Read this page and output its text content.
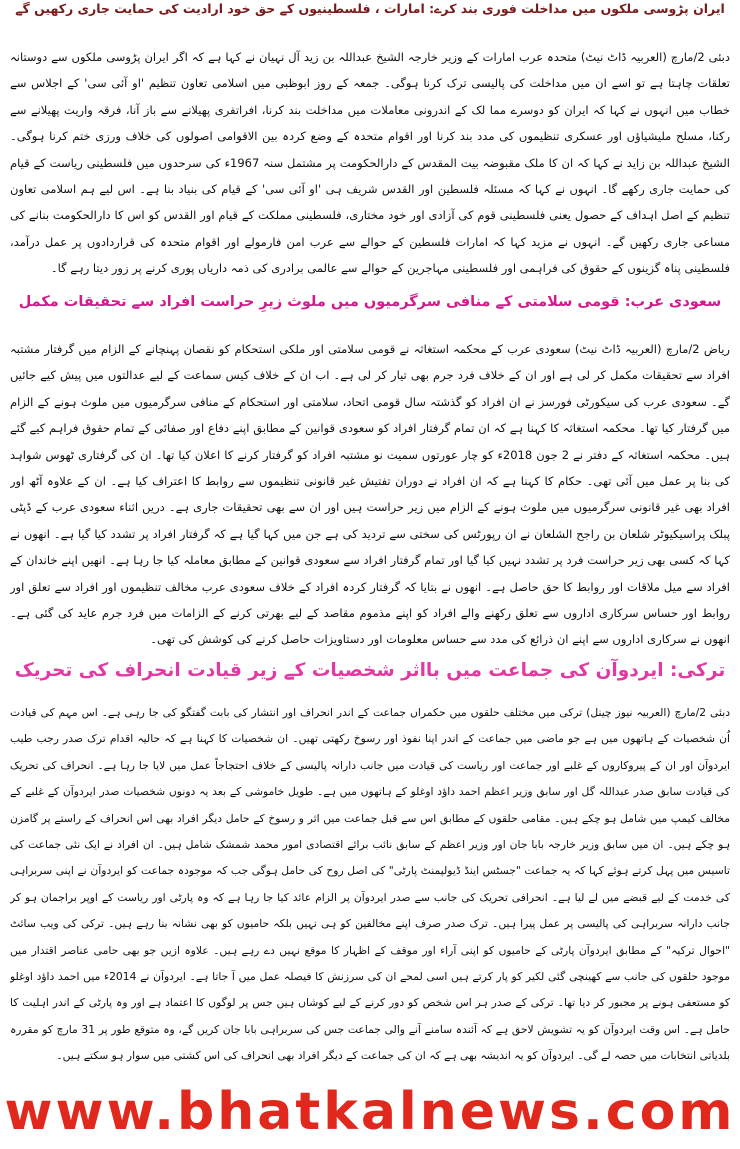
ایران پڑوسی ملکوں میں مداخلت فوری بند کرے: امارات ، فلسطینیوں کے حق خود ارادیت کی حمایت جاری رکھیں گے
دبئی 2/مارچ (العربیہ ڈاٹ نیٹ) متحدہ عرب امارات کے وزیر خارجہ الشیخ عبداللہ بن زید آل نہیان نے کہا ہے کہ اگر ایران پڑوسی ملکوں سے دوستانہ تعلقات چاہتا ہے تو اسے ان میں مداخلت کی پالیسی ترک کرنا ہوگی۔ جمعہ کے روز ابوظبی میں اسلامی تعاون تنظیم 'او آئی سی' کے اجلاس سے خطاب میں انہوں نے کہا کہ ایران کو دوسرے مما لک کے اندرونی معاملات میں مداخلت بند کرنا، افراتفری پھیلانے سے باز آنا، فرقہ واریت پھیلانے سے رکنا، مسلح ملیشیاؤں اور عسکری تنظیموں کی مدد بند کرنا اور اقوام متحدہ کے وضع کردہ بین الاقوامی اصولوں کی خلاف ورزی ختم کرنا ہوگی۔ الشیخ عبداللہ بن زاید نے کہا کہ ان کا ملک مقبوضہ بیت المقدس کے دارالحکومت پر مشتمل سنہ 1967ء کی سرحدوں میں فلسطینی ریاست کے قیام کی حمایت جاری رکھے گا۔ انہوں نے کہا کہ مسئلہ فلسطین اور القدس شریف ہی 'او آئی سی' کے قیام کی بنیاد بنا ہے۔ اس لیے ہم اسلامی تعاون تنظیم کے اصل اہداف کے حصول یعنی فلسطینی قوم کی آزادی اور خود مختاری، فلسطینی مملکت کے قیام اور القدس کو اس کا دارالحکومت بنانے کی مساعی جاری رکھیں گے۔ انہوں نے مزید کہا کہ امارات فلسطین کے حوالے سے عرب امن فارمولے اور اقوام متحدہ کی قراردادوں پر عمل درآمد، فلسطینی پناہ گزینوں کے حقوق کی فراہمی اور فلسطینی مہاجرین کے حوالے سے عالمی برادری کی ذمہ داریاں پوری کرنے پر زور دیتا رہے گا۔
سعودی عرب: قومی سلامتی کے منافی سرگرمیوں میں ملوث زیرِ حراست افراد سے تحقیقات مکمل
ریاض 2/مارچ (العربیہ ڈاٹ نیٹ) سعودی عرب کے محکمہ استغاثہ نے قومی سلامتی اور ملکی استحکام کو نقصان پہنچانے کے الزام میں گرفتار مشتبہ افراد سے تحقیقات مکمل کر لی ہے اور ان کے خلاف فرد جرم بھی تیار کر لی ہے۔ اب ان کے خلاف کیس سماعت کے لیے عدالتوں میں پیش کیے جائیں گے۔ سعودی عرب کی سیکورٹی فورسز نے ان افراد کو گذشتہ سال قومی اتحاد، سلامتی اور استحکام کے منافی سرگرمیوں میں ملوث ہونے کے الزام میں گرفتار کیا تھا۔ محکمہ استغاثہ کا کہنا ہے کہ ان تمام گرفتار افراد کو سعودی قوانین کے مطابق اپنے دفاع اور صفائی کے تمام حقوق فراہم کیے گئے ہیں۔ محکمہ استغاثہ کے دفتر نے 2 جون 2018ء کو چار عورتوں سمیت نو مشتبہ افراد کو گرفتار کرنے کا اعلان کیا تھا۔ ان کی گرفتاری ٹھوس شواہد کی بنا پر عمل میں آئی تھی۔ حکام کا کہنا ہے کہ ان افراد نے دوران تفتیش غیر قانونی تنظیموں سے روابط کا اعتراف کیا ہے۔ ان کے علاوہ آٹھ اور افراد بھی غیر قانونی سرگرمیوں میں ملوث ہونے کے الزام میں زیر حراست ہیں اور ان سے بھی تحقیقات جاری ہے۔ دریں اثناء سعودی عرب کے ڈپٹی پبلک پراسیکیوٹر شلعان بن راجح الشلعان نے ان رپورٹس کی سختی سے تردید کی ہے جن میں کہا گیا ہے کہ گرفتار افراد پر تشدد کیا گیا ہے۔ انھوں نے کہا کہ کسی بھی زیر حراست فرد پر تشدد نہیں کیا گیا اور تمام گرفتار افراد سے سعودی قوانین کے مطابق معاملہ کیا جا رہا ہے۔ انھیں اپنے خاندان کے افراد سے میل ملاقات اور روابط کا حق حاصل ہے۔ انھوں نے بتایا کہ گرفتار کردہ افراد کے خلاف سعودی عرب مخالف تنظیموں اور افراد سے تعلق اور روابط اور حساس سرکاری اداروں سے تعلق رکھنے والے افراد کو اپنے مذموم مقاصد کے لیے بھرتی کرنے کے الزامات میں فرد جرم عاید کی گئی ہے۔ انھوں نے سرکاری اداروں سے اپنے ان ذرائع کی مدد سے حساس معلومات اور دستاویزات حاصل کرنے کی کوشش کی تھی۔
ترکی: ایردوآن کی جماعت میں بااثر شخصیات کے زیر قیادت انحراف کی تحریک
دبئی 2/مارچ (العربیہ نیوز چینل) ترکی میں مختلف حلقوں میں حکمراں جماعت کے اندر انحراف اور انتشار کی بابت گفتگو کی جا رہی ہے۔ اس مہم کی قیادت اُن شخصیات کے ہاتھوں میں ہے جو ماضی میں جماعت کے اندر اپنا نفوذ اور رسوخ رکھتی تھیں۔ ان شخصیات کا کہنا ہے کہ حالیہ اقدام ترک صدر رجب طیب ایردوآن اور ان کے پیروکاروں کے غلبے اور جماعت اور ریاست کی قیادت میں جانب دارانہ پالیسی کے خلاف احتجاجاً عمل میں لایا جا رہا ہے۔ انحراف کی تحریک کی قیادت سابق صدر عبداللہ گل اور سابق وزیر اعظم احمد داؤد اوغلو کے ہاتھوں میں ہے۔ طویل خاموشی کے بعد یہ دونوں شخصیات صدر ایردوآن کے غلبے کے مخالف کیمپ میں شامل ہو چکے ہیں۔ مقامی حلقوں کے مطابق اس سے قبل جماعت میں اثر و رسوخ کے حامل دیگر افراد بھی اس انحراف کے راستے پر گامزن ہو چکے ہیں۔ ان میں سابق وزیر خارجہ بابا جان اور وزیر اعظم کے سابق نائب برائے اقتصادی امور محمد شمشک شامل ہیں۔ ان افراد نے ایک نئی جماعت کی تاسیس میں پہل کرتے ہوئے کہا کہ یہ جماعت "جسٹس اینڈ ڈیولپمنٹ پارٹی" کی اصل روح کی حامل ہوگی جب کہ موجودہ جماعت کو ایردوآن نے اپنی سربراہی کی خدمت کے لیے قبضے میں لے لیا ہے۔ انحرافی تحریک کی جانب سے صدر ایردوآن پر الزام عائد کیا جا رہا ہے کہ وہ پارٹی اور ریاست کے اوپر براجمان ہو کر جانب دارانہ سربراہی کی پالیسی پر عمل پیرا ہیں۔ ترک صدر صرف اپنے مخالفین کو ہی نہیں بلکہ حامیوں کو بھی نشانہ بنا رہے ہیں۔ ترکی کی ویب سائٹ "احوال ترکیہ" کے مطابق ایردوآن پارٹی کے حامیوں کو اپنی آراء اور موقف کے اظہار کا موقع نہیں دے رہے ہیں۔ علاوہ ازیں جو بھی حامی عناصر اقتدار میں موجود حلقوں کی جانب سے کھینچی گئی لکیر کو پار کرتے ہیں اسی لمحے ان کی سرزنش کا فیصلہ عمل میں آ جاتا ہے۔ ایردوآن نے 2014ء میں احمد داؤد اوغلو کو مستعفی ہونے پر مجبور کر دیا تھا۔ ترکی کے صدر ہر اس شخص کو دور کرنے کے لیے کوشاں ہیں جس پر لوگوں کا اعتماد ہے اور وہ پارٹی کے اندر اہلیت کا حامل ہے۔ اس وقت ایردوآن کو یہ تشویش لاحق ہے کہ آئندہ سامنے آنے والی جماعت جس کی سربراہی بابا جان کریں گے، وہ متوقع طور پر 31 مارچ کو مقررہ بلدیاتی انتخابات میں حصہ لے گی۔ ایردوآن کو یہ اندیشہ بھی ہے کہ ان کی جماعت کے دیگر افراد بھی انحراف کی اس کشتی میں سوار ہو سکتے ہیں۔
www.bhatkalnews.com
